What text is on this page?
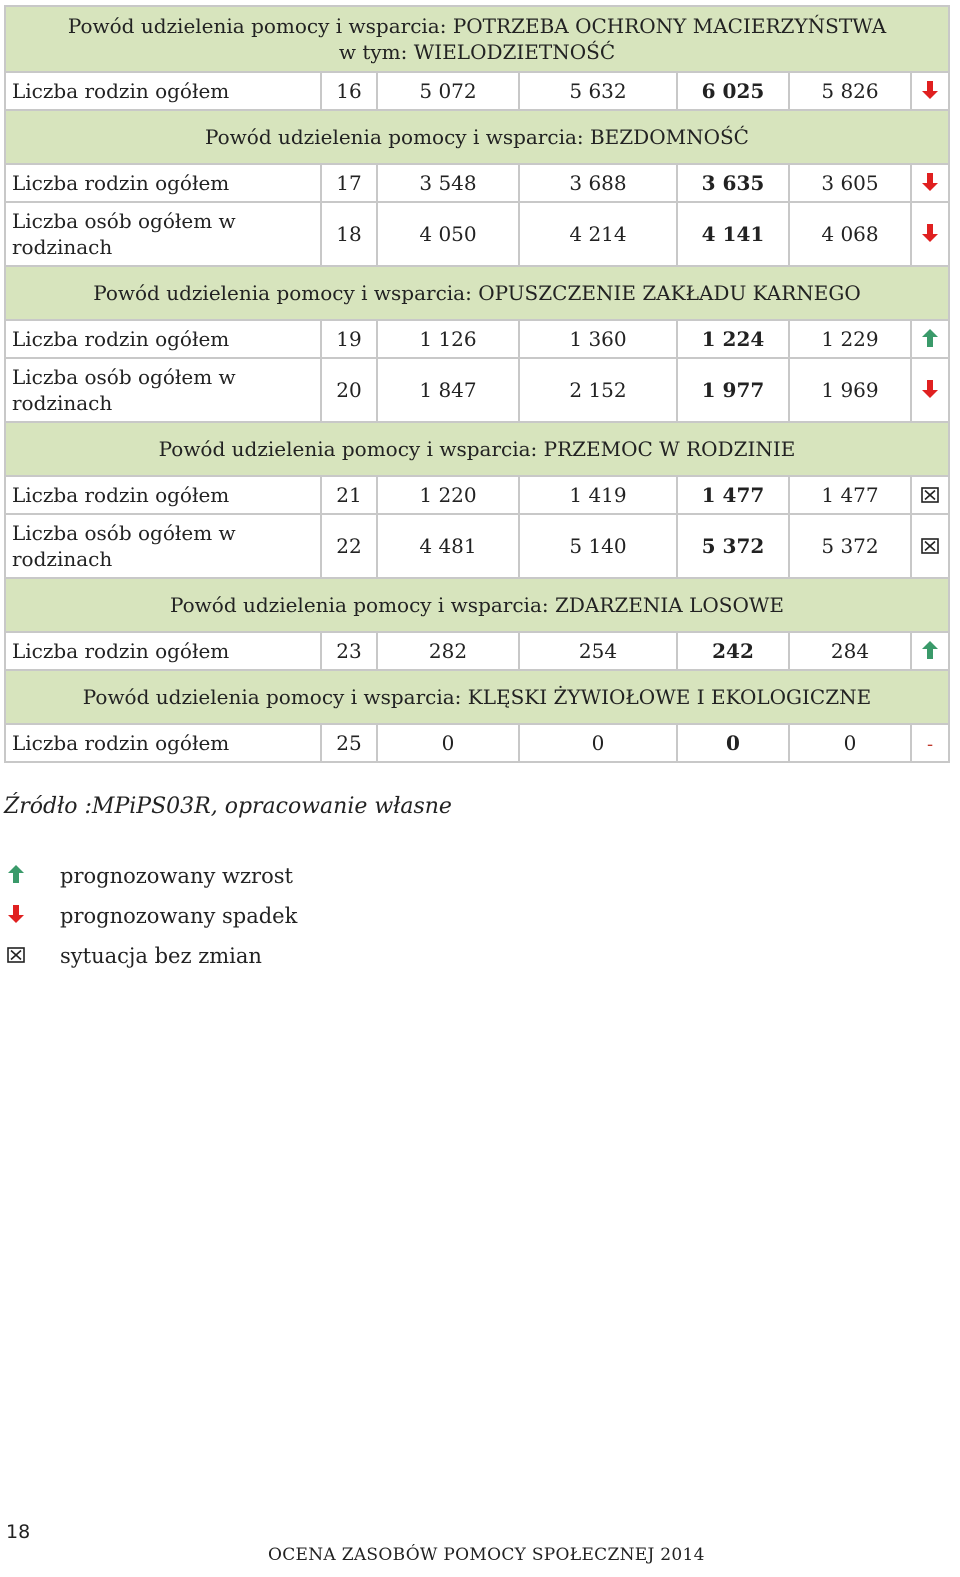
Powód udzielenia pomocy i wsparcia: POTRZEBA OCHRONY MACIERZYŃSTWA
w tym: WIELODZIETNOŚĆ						

Liczba rodzin ogółem	16	5 072	5 632	6 025	5 826	

Powód udzielenia pomocy i wsparcia: BEZDOMNOŚĆ						

Liczba rodzin ogółem	17	3 548	3 688	3 635	3 605	
Liczba osób ogółem w
rodzinach	18	4 050	4 214	4 141	4 068	

Powód udzielenia pomocy i wsparcia: OPUSZCZENIE ZAKŁADU KARNEGO						

Liczba rodzin ogółem	19	1 126	1 360	1 224	1 229	
Liczba osób ogółem w
rodzinach	20	1 847	2 152	1 977	1 969	

Powód udzielenia pomocy i wsparcia: PRZEMOC W RODZINIE						

Liczba rodzin ogółem	21	1 220	1 419	1 477	1 477	
Liczba osób ogółem w
rodzinach	22	4 481	5 140	5 372	5 372	

Powód udzielenia pomocy i wsparcia: ZDARZENIA LOSOWE						

Liczba rodzin ogółem	23	282	254	242	284	

Powód udzielenia pomocy i wsparcia: KLĘSKI ŻYWIOŁOWE I EKOLOGICZNE						

Liczba rodzin ogółem	25	0	0	0	0	-
Źródło :MPiPS03R, opracowanie własne
prognozowany wzrost
prognozowany spadek
sytuacja bez zmian
18
OCENA ZASOBÓW POMOCY SPOŁECZNEJ 2014
